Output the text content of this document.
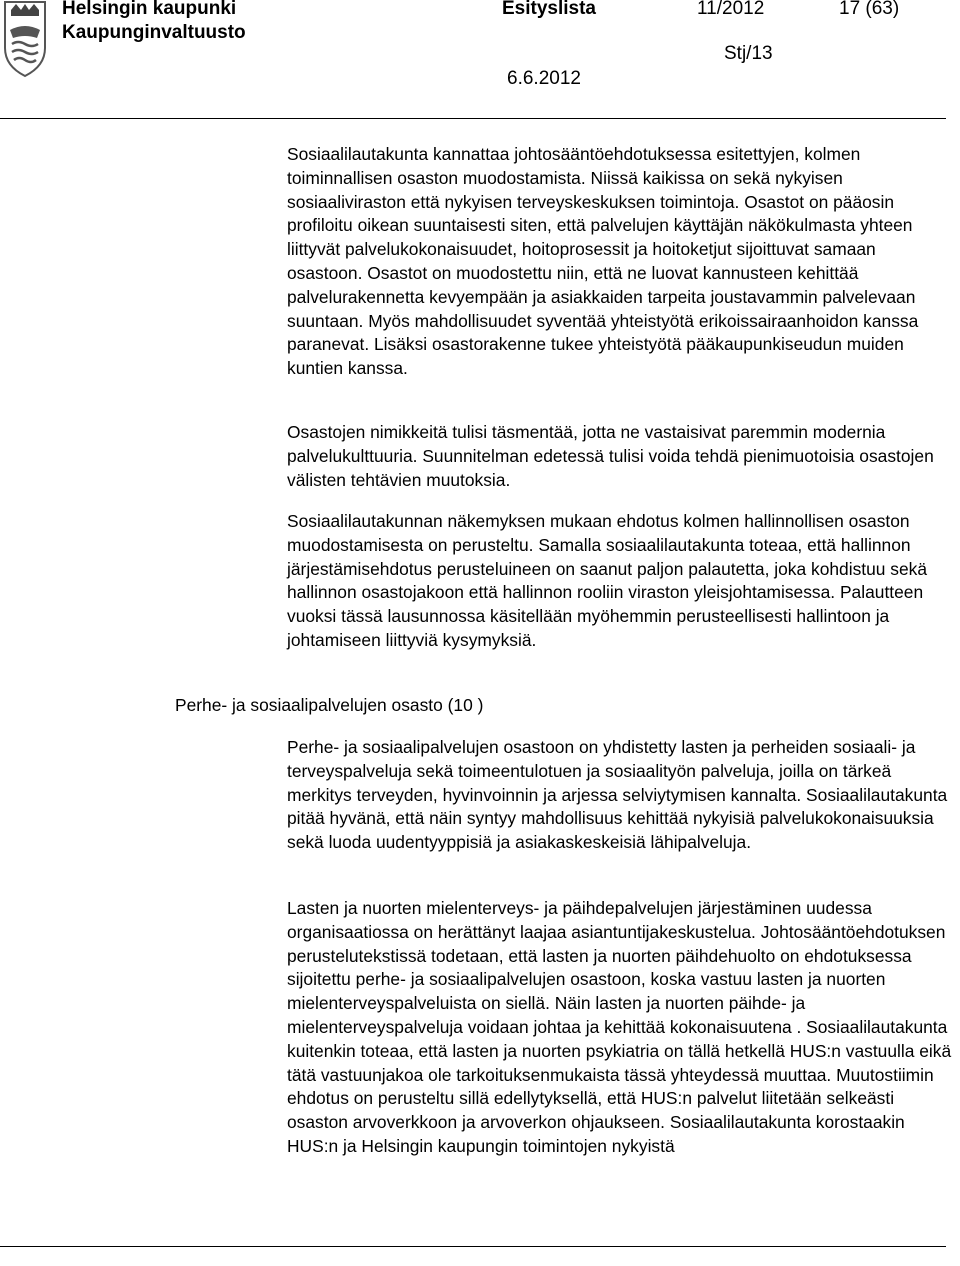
Helsingin kaupunki
Kaupunginvaltuusto
Esityslista	11/2012	17 (63)
Stj/13
6.6.2012

Sosiaalilautakunta kannattaa johtosääntöehdotuksessa esitettyjen, kolmen toiminnallisen osaston muodostamista. Niissä kaikissa on sekä nykyisen sosiaaliviraston että nykyisen terveyskeskuksen toimintoja. Osastot on pääosin profiloitu oikean suuntaisesti siten, että palvelujen käyttäjän näkökulmasta yhteen liittyvät palvelukokonaisuudet, hoitoprosessit ja hoitoketjut sijoittuvat samaan osastoon. Osastot on muodostettu niin, että ne luovat kannusteen kehittää palvelurakennetta kevyempään ja asiakkaiden tarpeita joustavammin palvelevaan suuntaan. Myös mahdollisuudet syventää yhteistyötä erikoissairaanhoidon kanssa paranevat. Lisäksi osastorakenne tukee yhteistyötä pääkaupunkiseudun muiden kuntien kanssa.

Osastojen nimikkeitä tulisi täsmentää, jotta ne vastaisivat paremmin modernia palvelukulttuuria. Suunnitelman edetessä tulisi voida tehdä pienimuotoisia osastojen välisten tehtävien muutoksia.

Sosiaalilautakunnan näkemyksen mukaan ehdotus kolmen hallinnollisen osaston muodostamisesta on perusteltu. Samalla sosiaalilautakunta toteaa, että hallinnon järjestämisehdotus perusteluineen on saanut paljon palautetta, joka kohdistuu sekä hallinnon osastojakoon että hallinnon rooliin viraston yleisjohtamisessa. Palautteen vuoksi tässä lausunnossa käsitellään myöhemmin perusteellisesti hallintoon ja johtamiseen liittyviä kysymyksiä.

Perhe- ja sosiaalipalvelujen osasto (10 )

Perhe- ja sosiaalipalvelujen osastoon on yhdistetty lasten ja perheiden sosiaali- ja terveyspalveluja sekä toimeentulotuen ja sosiaalityön palveluja, joilla on tärkeä merkitys terveyden, hyvinvoinnin ja arjessa selviytymisen kannalta. Sosiaalilautakunta pitää hyvänä, että näin syntyy mahdollisuus kehittää nykyisiä palvelukokonaisuuksia sekä luoda uudentyyppisiä ja asiakaskeskeisiä lähipalveluja.

Lasten ja nuorten mielenterveys- ja päihdepalvelujen järjestäminen uudessa organisaatiossa on herättänyt laajaa asiantuntijakeskustelua. Johtosääntöehdotuksen perustelutekstissä todetaan, että lasten ja nuorten päihdehuolto on ehdotuksessa sijoitettu perhe- ja sosiaalipalvelujen osastoon, koska vastuu lasten ja nuorten mielenterveyspalveluista on siellä. Näin lasten ja nuorten päihde- ja mielenterveyspalveluja voidaan johtaa ja kehittää kokonaisuutena . Sosiaalilautakunta kuitenkin toteaa, että lasten ja nuorten psykiatria on tällä hetkellä HUS:n vastuulla eikä tätä vastuunjakoa ole tarkoituksenmukaista tässä yhteydessä muuttaa. Muutostiimin ehdotus on perusteltu sillä edellytyksellä, että HUS:n palvelut liitetään selkeästi osaston arvoverkkoon ja arvoverkon ohjaukseen. Sosiaalilautakunta korostaakin HUS:n ja Helsingin kaupungin toimintojen nykyistä
